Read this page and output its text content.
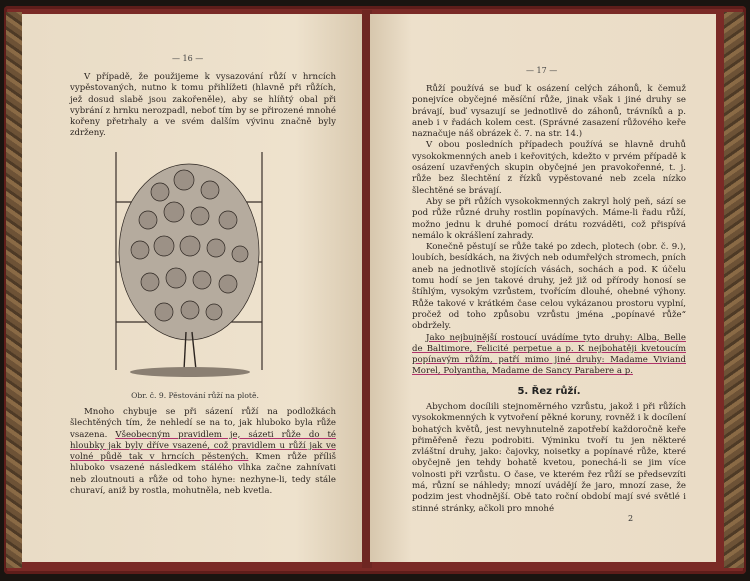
— 16 —

V případě, že použijeme k vysazování růží v hrncích vypěstovaných, nutno k tomu přihlížeti (hlavně při růžích, jež dosud slabě jsou zakořeněle), aby se hlíňtý obal při vybrání z hrnku nerozpadl, neboť tím by se přirozené mnohé kořeny přetrhaly a ve svém dalším vývinu značně byly zdrženy.

Obr. č. 9. Pěstování růží na plotě.

Mnoho chybuje se při sázení růží na podložkách šlechtěných tím, že nehledí se na to, jak hluboko byla růže vsazena. Všeobecným pravidlem je, sázeti růže do té hloubky jak byly dříve vsazené, což pravidlem u růží jak ve volné půdě tak v hrncích pěstených. Kmen růže příliš hluboko vsazené následkem stálého vlhka začne zahnívati neb zloutnouti a růže od toho hyne: nezhyne-li, tedy stále churaví, aniž by rostla, mohutněla, neb kvetla.

— 17 —

Růží používá se buď k osázení celých záhonů, k čemuž ponejvíce obyčejné měsíční růže, jinak však i jiné druhy se brávají, buď vysazují se jednotlivě do záhonů, trávníků a p. aneb i v řadách kolem cest. (Správné zasazení růžového keře naznačuje náš obrázek č. 7. na str. 14.)

V obou posledních případech používá se hlavně druhů vysokokmenných aneb i keřovitých, kdežto v prvém případě k osázení uzavřených skupin obyčejné jen pravokořenné, t. j. růže bez šlechtění z řízků vypěstované neb zcela nízko šlechtěné se brávají.

Aby se při růžích vysokokmenných zakryl holý peň, sází se pod růže různé druhy rostlin popínavých. Máme-li řadu růží, možno jednu k druhé pomocí drátu rozváděti, což přispívá nemálo k okrášlení zahrady.

Konečně pěstují se růže také po zdech, plotech (obr. č. 9.), loubích, besídkách, na živých neb odumřelých stromech, pních aneb na jednotlivě stojících vásách, sochách a pod. K účelu tomu hodí se jen takové druhy, jež již od přírody honosí se štíhlým, vysokým vzrůstem, tvořícím dlouhé, ohebné výhony. Růže takové v krátkém čase celou vykázanou prostoru vyplní, pročež od toho způsobu vzrůstu jména „popínavé růže“ obdržely.

Jako nejbujnější rostoucí uvádíme tyto druhy: Alba, Belle de Baltimore, Felicité perpetue a p. K nejbohatěji kvetoucím popínavým růžím, patří mimo jiné druhy: Madame Viviand Morel, Polyantha, Madame de Sancy Parabere a p.

5. Řez růží.

Abychom docílili stejnoměrného vzrůstu, jakož i při růžích vysokokmenných k vytvoření pěkné koruny, rovněž i k docílení bohatých květů, jest nevyhnutelně zapotřebí každoročně keře přiměřeně řezu podrobiti. Výminku tvoří tu jen některé zvláštní druhy, jako: čajovky, noisetky a popínavé růže, které obyčejně jen tehdy bohatě kvetou, ponechá-li se jim více volnosti při vzrůstu. O čase, ve kterém řez růží se předsevzíti má, různí se náhledy; mnozí uvádějí že jaro, mnozí zase, že podzim jest vhodnější. Obě tato roční období mají své světlé i stinné stránky, ačkoli pro mnohé

2
